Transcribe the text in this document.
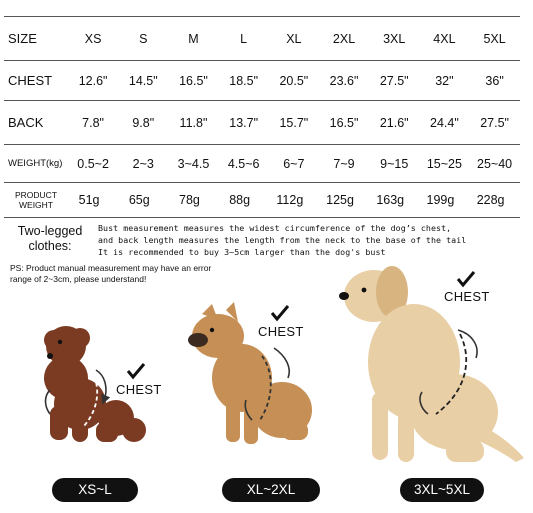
SIZE	XS	S	M	L	XL	2XL	3XL	4XL	5XL
CHEST	12.6"	14.5"	16.5"	18.5"	20.5"	23.6"	27.5"	32"	36"
BACK	7.8"	9.8"	11.8"	13.7"	15.7"	16.5"	21.6"	24.4"	27.5"
WEIGHT(kg)	0.5~2	2~3	3~4.5	4.5~6	6~7	7~9	9~15	15~25	25~40
PRODUCT
WEIGHT	51g	65g	78g	88g	112g	125g	163g	199g	228g
Two-legged
clothes:
Bust measurement measures the widest circumference of the dog’s chest,
and back length measures the length from the neck to the base of the tail
It is recommended to buy 3~5cm larger than the dog's bust
PS: Product manual measurement may have an error
range of 2~3cm, please understand!
CHEST
CHEST
CHEST
XS~L	XL~2XL	3XL~5XL
